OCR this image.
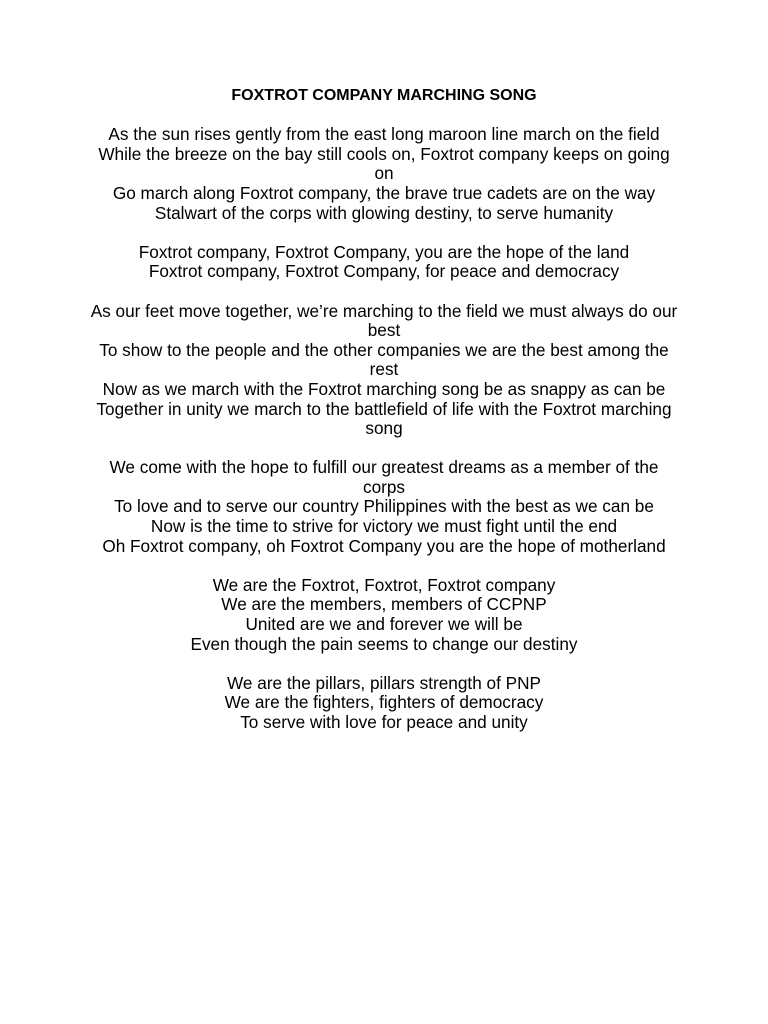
FOXTROT COMPANY MARCHING SONG
As the sun rises gently from the east long maroon line march on the field
While the breeze on the bay still cools on, Foxtrot company keeps on going on
Go march along Foxtrot company, the brave true cadets are on the way
Stalwart of the corps with glowing destiny, to serve humanity
Foxtrot company, Foxtrot Company, you are the hope of the land
Foxtrot company, Foxtrot Company, for peace and democracy
As our feet move together, we’re marching to the field we must always do our best
To show to the people and the other companies we are the best among the rest
Now as we march with the Foxtrot marching song be as snappy as can be
Together in unity we march to the battlefield of life with the Foxtrot marching song
We come with the hope to fulfill our greatest dreams as a member of the corps
To love and to serve our country Philippines with the best as we can be
Now is the time to strive for victory we must fight until the end
Oh Foxtrot company, oh Foxtrot Company you are the hope of motherland
We are the Foxtrot, Foxtrot, Foxtrot company
We are the members, members of CCPNP
United are we and forever we will be
Even though the pain seems to change our destiny
We are the pillars, pillars strength of PNP
We are the fighters, fighters of democracy
To serve with love for peace and unity
